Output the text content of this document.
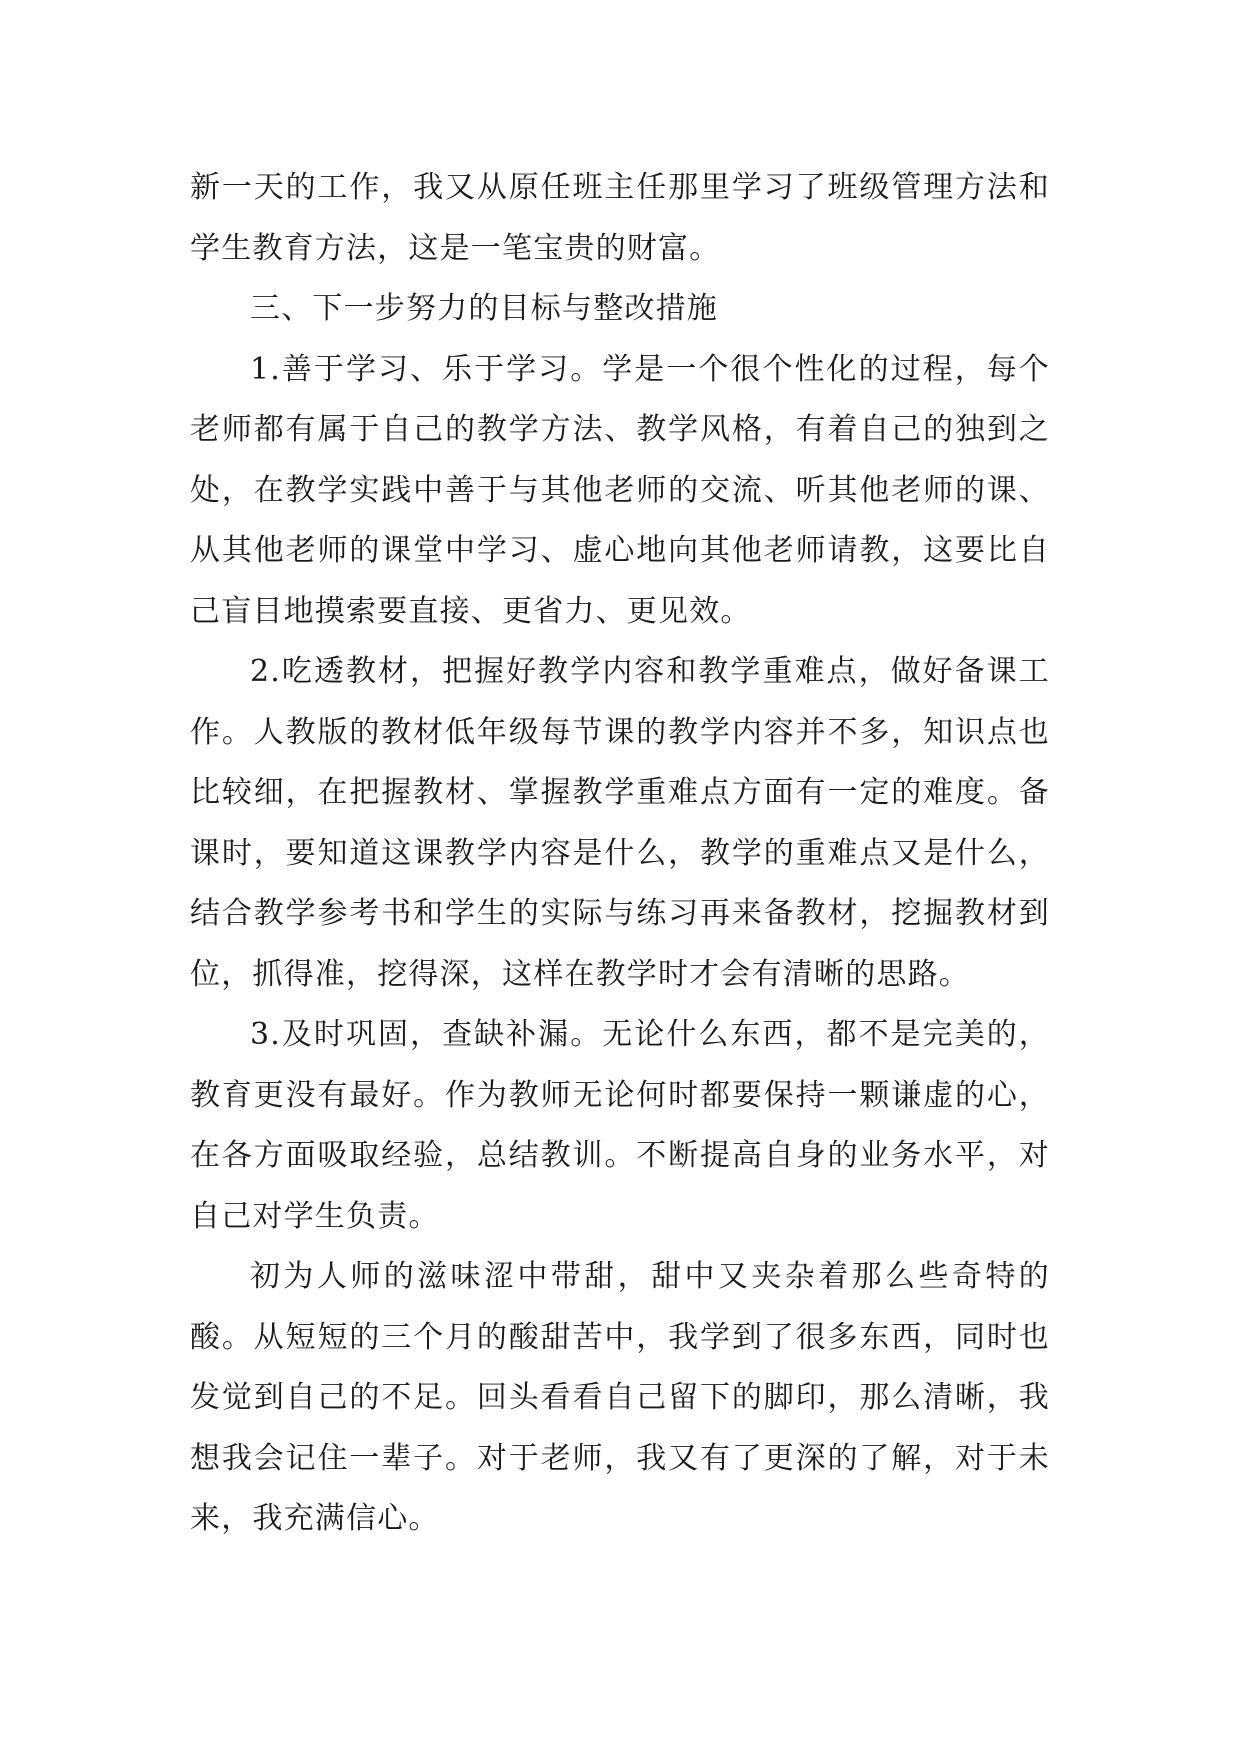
新一天的工作，我又从原任班主任那里学习了班级管理方法和学生教育方法，这是一笔宝贵的财富。

三、下一步努力的目标与整改措施

1.善于学习、乐于学习。学是一个很个性化的过程，每个老师都有属于自己的教学方法、教学风格，有着自己的独到之处，在教学实践中善于与其他老师的交流、听其他老师的课、从其他老师的课堂中学习、虚心地向其他老师请教，这要比自己盲目地摸索要直接、更省力、更见效。

2.吃透教材，把握好教学内容和教学重难点，做好备课工作。人教版的教材低年级每节课的教学内容并不多，知识点也比较细，在把握教材、掌握教学重难点方面有一定的难度。备课时，要知道这课教学内容是什么，教学的重难点又是什么，结合教学参考书和学生的实际与练习再来备教材，挖掘教材到位，抓得准，挖得深，这样在教学时才会有清晰的思路。

3.及时巩固，查缺补漏。无论什么东西，都不是完美的，教育更没有最好。作为教师无论何时都要保持一颗谦虚的心，在各方面吸取经验，总结教训。不断提高自身的业务水平，对自己对学生负责。

初为人师的滋味涩中带甜，甜中又夹杂着那么些奇特的酸。从短短的三个月的酸甜苦中，我学到了很多东西，同时也发觉到自己的不足。回头看看自己留下的脚印，那么清晰，我想我会记住一辈子。对于老师，我又有了更深的了解，对于未来，我充满信心。
